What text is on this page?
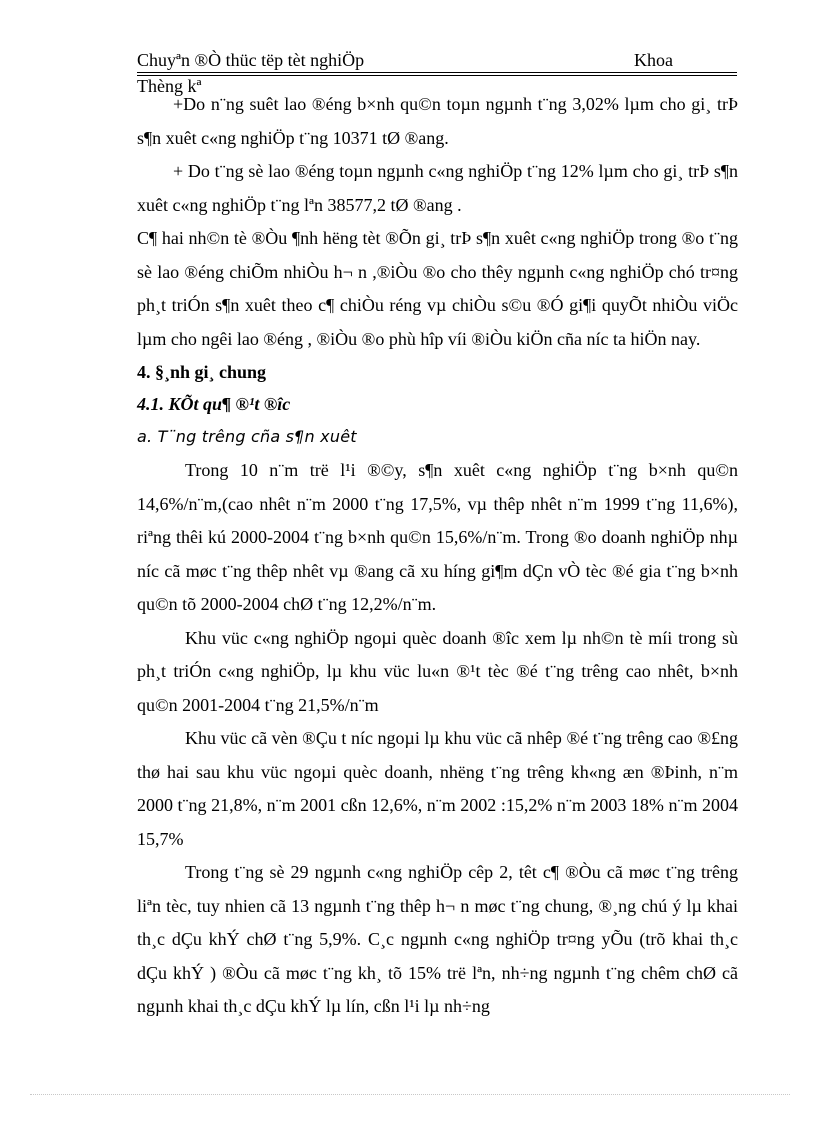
Chuyªn ®Ò thüc tëp tèt nghiÖp	Khoa
Thèng kª

+Do n¨ng suêt lao ®éng b×nh qu©n toµn ngµnh t¨ng 3,02% lµm cho gi¸ trÞ s¶n xuêt c«ng nghiÖp t¨ng 10371 tØ ®ang.

+ Do t¨ng sè lao ®éng toµn ngµnh c«ng nghiÖp t¨ng 12% lµm cho gi¸ trÞ s¶n xuêt c«ng nghiÖp t¨ng lªn 38577,2 tØ ®ang .

C¶ hai nh©n tè ®Òu ¶nh hëng tèt ®Õn gi¸ trÞ s¶n xuêt c«ng nghiÖp trong ®o t¨ng sè lao ®éng chiÕm nhiÒu h¬ n ,®iÒu ®o cho thêy ngµnh c«ng nghiÖp chó tr¤ng ph¸t triÓn s¶n xuêt theo c¶ chiÒu réng vµ chiÒu s©u ®Ó gi¶i quyÕt nhiÒu viÖc lµm cho ngêi lao ®éng , ®iÒu ®o phù hîp víi ®iÒu kiÖn cña níc ta hiÖn nay.

4. §¸nh gi¸ chung

4.1. KÕt qu¶ ®¹t ®îc

a. T¨ng trêng cña s¶n xuêt

Trong 10 n¨m trë l¹i ®©y, s¶n xuêt c«ng nghiÖp t¨ng b×nh qu©n 14,6%/n¨m,(cao nhêt n¨m 2000 t¨ng 17,5%, vµ thêp nhêt n¨m 1999 t¨ng 11,6%), riªng thêi kú 2000-2004 t¨ng b×nh qu©n 15,6%/n¨m. Trong ®o doanh nghiÖp nhµ níc cã møc t¨ng thêp nhêt vµ ®ang cã xu híng gi¶m dÇn vÒ tèc ®é gia t¨ng b×nh qu©n tõ 2000-2004 chØ t¨ng 12,2%/n¨m.

Khu vüc c«ng nghiÖp ngoµi quèc doanh ®îc xem lµ nh©n tè míi trong sù ph¸t triÓn c«ng nghiÖp, lµ khu vüc lu«n ®¹t tèc ®é t¨ng trêng cao nhêt, b×nh qu©n 2001-2004 t¨ng 21,5%/n¨m

Khu vüc cã vèn ®Çu t níc ngoµi lµ khu vüc cã nhêp ®é t¨ng trêng cao ®£ng thø hai sau khu vüc ngoµi quèc doanh, nhëng t¨ng trêng kh«ng æn ®Þinh, n¨m 2000 t¨ng 21,8%, n¨m 2001 cßn 12,6%, n¨m 2002 :15,2% n¨m 2003 18% n¨m 2004 15,7%

Trong t¨ng sè 29 ngµnh c«ng nghiÖp cêp 2, têt c¶ ®Òu cã møc t¨ng trêng liªn tèc, tuy nhien cã 13 ngµnh t¨ng thêp h¬ n møc t¨ng chung, ®¸ng chú ý lµ khai th¸c dÇu khÝ chØ t¨ng 5,9%. C¸c ngµnh c«ng nghiÖp tr¤ng yÕu (trõ khai th¸c dÇu khÝ ) ®Òu cã møc t¨ng kh¸ tõ 15% trë lªn, nh÷ng ngµnh t¨ng chêm chØ cã ngµnh khai th¸c dÇu khÝ lµ lín, cßn l¹i lµ nh÷ng
